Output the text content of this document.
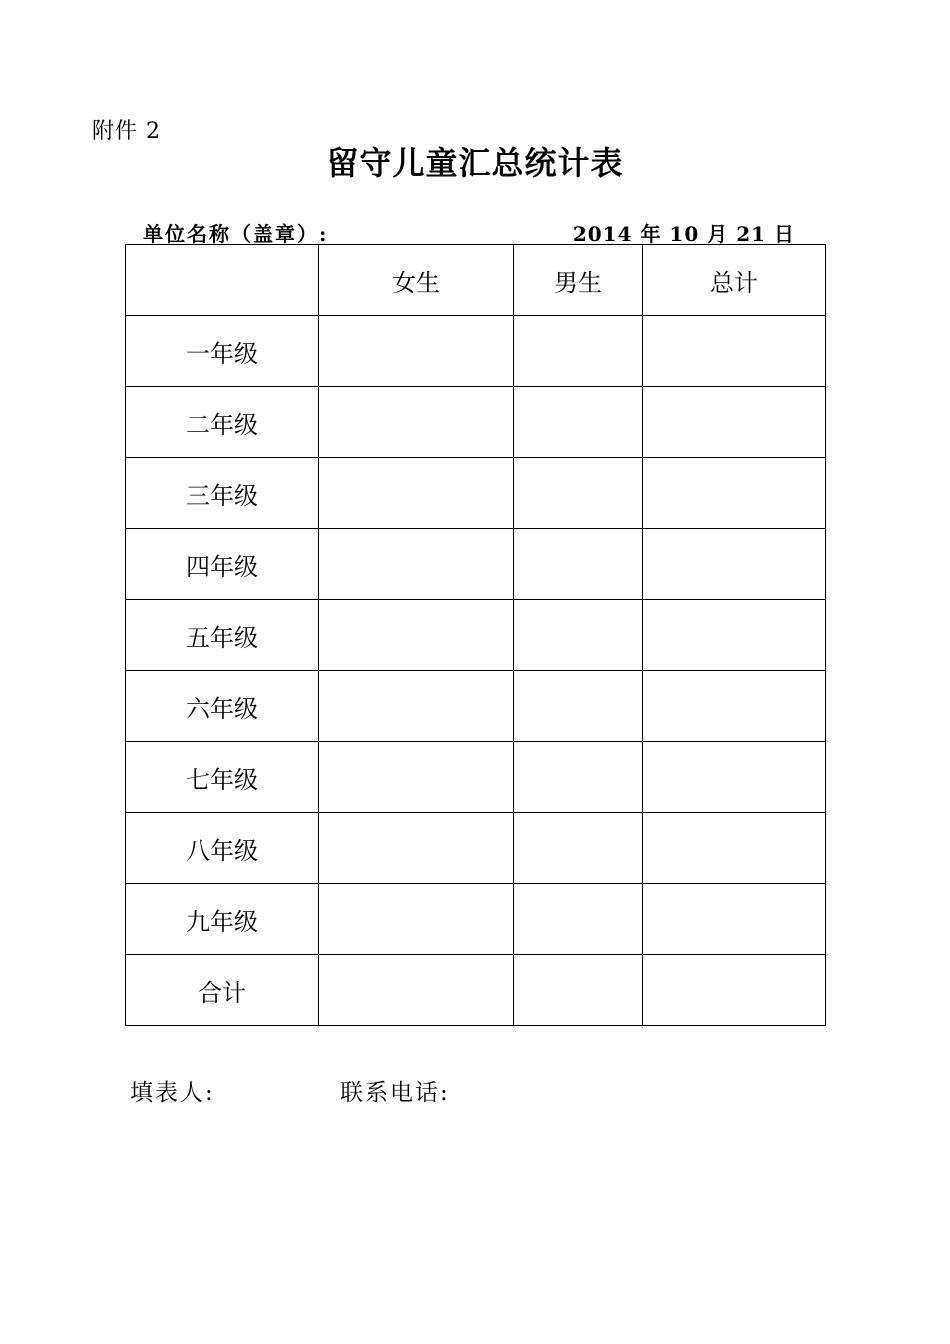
附件 2
留守儿童汇总统计表
单位名称（盖章）:	2014 年 10 月 21 日
	女生	男生	总计
一年级			
二年级			
三年级			
四年级			
五年级			
六年级			
七年级			
八年级			
九年级			
合计			
填表人:	联系电话:
